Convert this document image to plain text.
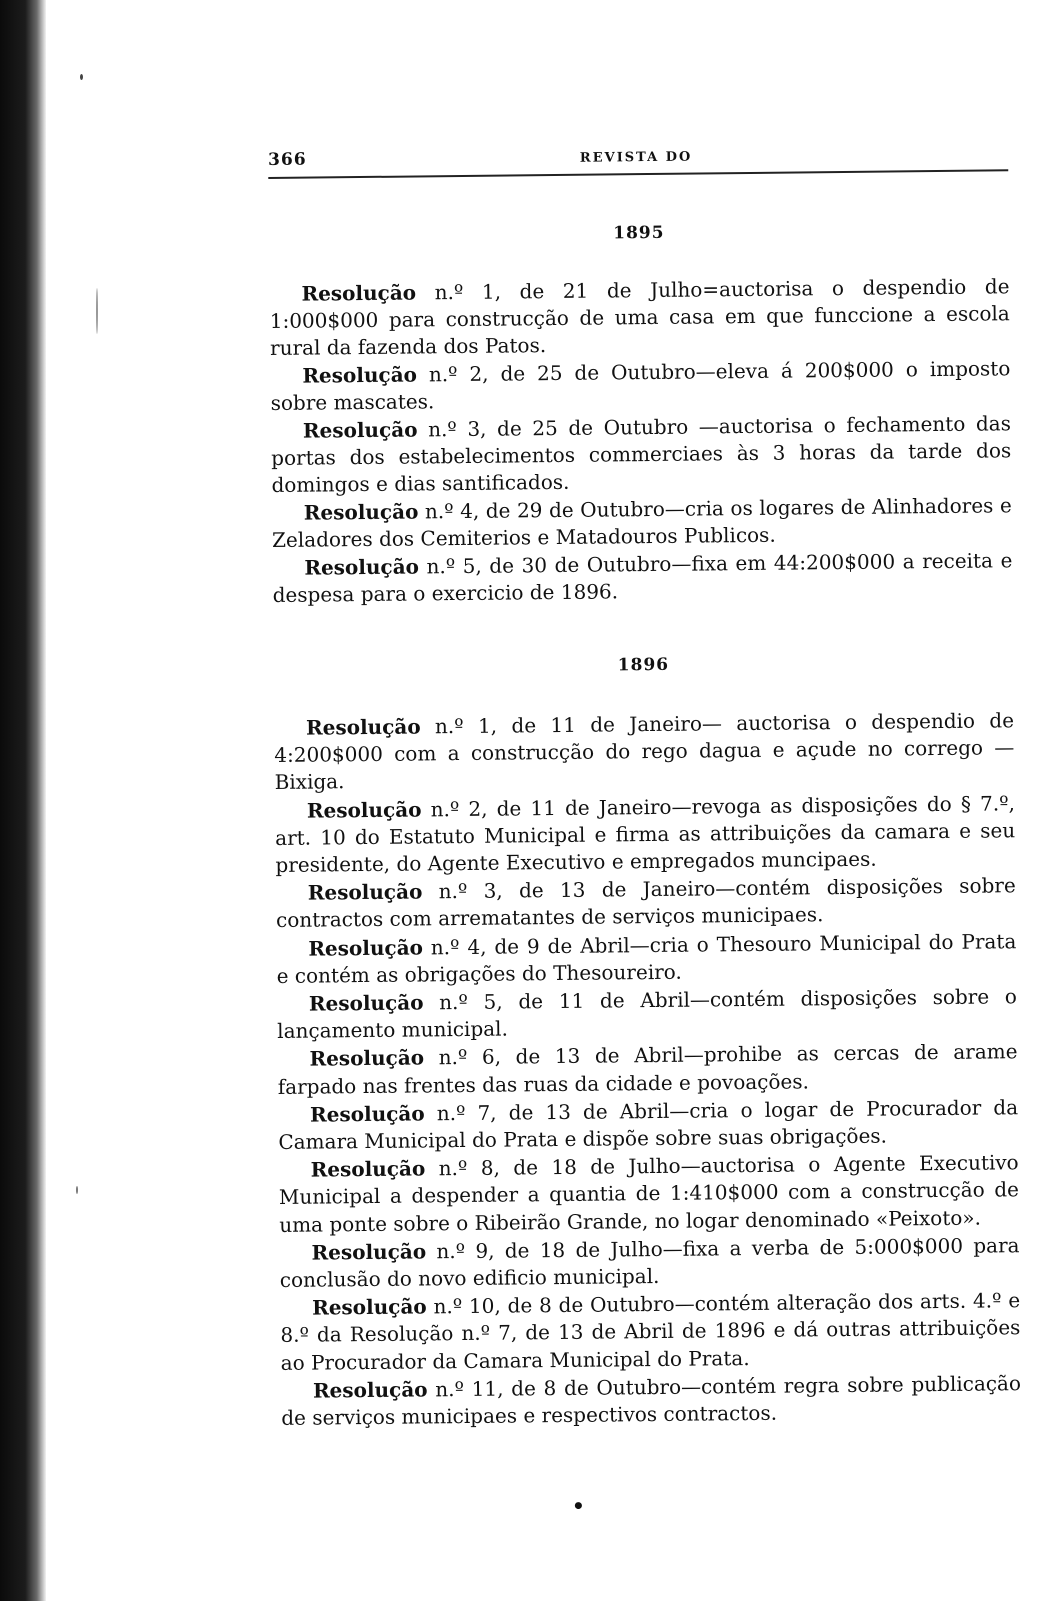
366	REVISTA DO
1895

Resolução n.º 1, de 21 de Julho=auctorisa o despendio de 1:000$000 para construcção de uma casa em que funccione a escola rural da fazenda dos Patos.

Resolução n.º 2, de 25 de Outubro—eleva á 200$000 o imposto sobre mascates.

Resolução n.º 3, de 25 de Outubro —auctorisa o fechamento das portas dos estabelecimentos commerciaes às 3 horas da tarde dos domingos e dias santificados.

Resolução n.º 4, de 29 de Outubro—cria os logares de Alinhadores e Zeladores dos Cemiterios e Matadouros Publicos.

Resolução n.º 5, de 30 de Outubro—fixa em 44:200$000 a receita e despesa para o exercicio de 1896.

1896

Resolução n.º 1, de 11 de Janeiro— auctorisa o despendio de 4:200$000 com a construcção do rego dagua e açude no corrego — Bixiga.

Resolução n.º 2, de 11 de Janeiro—revoga as disposições do § 7.º, art. 10 do Estatuto Municipal e firma as attribuições da camara e seu presidente, do Agente Executivo e empregados muncipaes.

Resolução n.º 3, de 13 de Janeiro—contém disposições sobre contractos com arrematantes de serviços municipaes.

Resolução n.º 4, de 9 de Abril—cria o Thesouro Municipal do Prata e contém as obrigações do Thesoureiro.

Resolução n.º 5, de 11 de Abril—contém disposições sobre o lançamento municipal.

Resolução n.º 6, de 13 de Abril—prohibe as cercas de arame farpado nas frentes das ruas da cidade e povoações.

Resolução n.º 7, de 13 de Abril—cria o logar de Procurador da Camara Municipal do Prata e dispõe sobre suas obrigações.

Resolução n.º 8, de 18 de Julho—auctorisa o Agente Executivo Municipal a despender a quantia de 1:410$000 com a construcção de uma ponte sobre o Ribeirão Grande, no logar denominado «Peixoto».

Resolução n.º 9, de 18 de Julho—fixa a verba de 5:000$000 para conclusão do novo edificio municipal.

Resolução n.º 10, de 8 de Outubro—contém alteração dos arts. 4.º e 8.º da Resolução n.º 7, de 13 de Abril de 1896 e dá outras attribuições ao Procurador da Camara Municipal do Prata.

Resolução n.º 11, de 8 de Outubro—contém regra sobre publicação de serviços municipaes e respectivos contractos.

•
